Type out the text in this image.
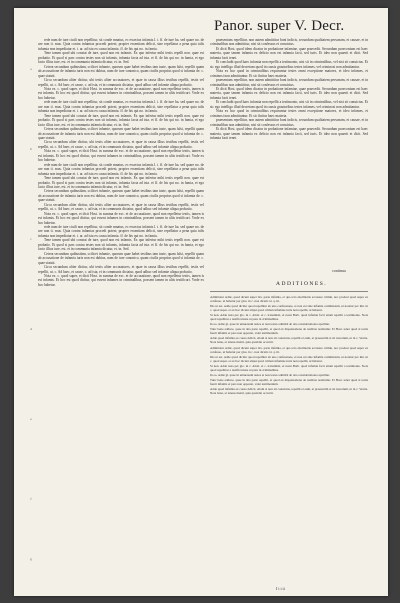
Panor. super V. Decr.

rede nam de iure ciuili non repellitur, sit conde mnatus, ec essectus infamis.l. i. ff. de iure ha. sed quare no. de ure non ti. mus. Quia contra infamias procedi potest; propter essentiam delicti, sine repellatur a pena quia talis infamia non impediatur et. i. ar. ad ista ex causa infamia. ff. de his qui no. in famia.

Tene tamen quod ubi constat de iure, quod non est infamis. Ex quo infertur mihi testis repelli non. quae est probatio. Et quod si pars contra testes non sit infamis, infamia facta ad ista. et ff. de his qui no. in famia, et ego facio illius iure, est. et in communia infamia dicatur, et. in. Sed.

Cetera secundum quibusdam, scilicet infamie, quorum quae habet testibus tam iuste, quam falsi, repellit quam ab accusatione de infamia iuris non est dubius, nam de iure canonico, quam ciuilis proprius quod si infamia de. c. quae statuit.

Circa secundum aliter dicitur, ubi testis aliter accusatores, et quae in causa illius testibus repellit, testis vel repellit, ut. c. Ad haec, et cause, c. ad ista, et in communis dictatur, quod adhuc sed infamie aliqua probatio.

Nota ex. c. quod super, et dicit Host. in summa de exc. et de accusatione, quod non repelletur testis, tamen is est infamis. Et hoc est quod dicitur, qui essent infames in criminalibus, possent tamen in aliis testificari. Vnde ex hoc habetur.

rede nam de iure ciuili non repellitur, sit conde mnatus, ec essectus infamis.l. i. ff. de iure ha. sed quare no. de ure non ti. mus. Quia contra infamias procedi potest; propter essentiam delicti, sine repellatur a pena quia talis infamia non impediatur et. i. ar. ad ista ex causa infamia. ff. de his qui no. in famia.

Tene tamen quod ubi constat de iure, quod non est infamis. Ex quo infertur mihi testis repelli non. quae est probatio. Et quod si pars contra testes non sit infamis, infamia facta ad ista. et ff. de his qui no. in famia, et ego facio illius iure, est. et in communia infamia dicatur, et. in. Sed.

Cetera secundum quibusdam, scilicet infamie, quorum quae habet testibus tam iuste, quam falsi, repellit quam ab accusatione de infamia iuris non est dubius, nam de iure canonico, quam ciuilis proprius quod si infamia de. c. quae statuit.

Circa secundum aliter dicitur, ubi testis aliter accusatores, et quae in causa illius testibus repellit, testis vel repellit, ut. c. Ad haec, et cause, c. ad ista, et in communis dictatur, quod adhuc sed infamie aliqua probatio.

Nota ex. c. quod super, et dicit Host. in summa de exc. et de accusatione, quod non repelletur testis, tamen is est infamis. Et hoc est quod dicitur, qui essent infames in criminalibus, possent tamen in aliis testificari. Vnde ex hoc habetur.

rede nam de iure ciuili non repellitur, sit conde mnatus, ec essectus infamis.l. i. ff. de iure ha. sed quare no. de ure non ti. mus. Quia contra infamias procedi potest; propter essentiam delicti, sine repellatur a pena quia talis infamia non impediatur et. i. ar. ad ista ex causa infamia. ff. de his qui no. in famia.

Tene tamen quod ubi constat de iure, quod non est infamis. Ex quo infertur mihi testis repelli non. quae est probatio. Et quod si pars contra testes non sit infamis, infamia facta ad ista. et ff. de his qui no. in famia, et ego facio illius iure, est. et in communia infamia dicatur, et. in. Sed.

Cetera secundum quibusdam, scilicet infamie, quorum quae habet testibus tam iuste, quam falsi, repellit quam ab accusatione de infamia iuris non est dubius, nam de iure canonico, quam ciuilis proprius quod si infamia de. c. quae statuit.

Circa secundum aliter dicitur, ubi testis aliter accusatores, et quae in causa illius testibus repellit, testis vel repellit, ut. c. Ad haec, et cause, c. ad ista, et in communis dictatur, quod adhuc sed infamie aliqua probatio.

Nota ex. c. quod super, et dicit Host. in summa de exc. et de accusatione, quod non repelletur testis, tamen is est infamis. Et hoc est quod dicitur, qui essent infames in criminalibus, possent tamen in aliis testificari. Vnde ex hoc habetur.

rede nam de iure ciuili non repellitur, sit conde mnatus, ec essectus infamis.l. i. ff. de iure ha. sed quare no. de ure non ti. mus. Quia contra infamias procedi potest; propter essentiam delicti, sine repellatur a pena quia talis infamia non impediatur et. i. ar. ad ista ex causa infamia. ff. de his qui no. in famia.

Tene tamen quod ubi constat de iure, quod non est infamis. Ex quo infertur mihi testis repelli non. quae est probatio. Et quod si pars contra testes non sit infamis, infamia facta ad ista. et ff. de his qui no. in famia, et ego facio illius iure, est. et in communia infamia dicatur, et. in. Sed.

Cetera secundum quibusdam, scilicet infamie, quorum quae habet testibus tam iuste, quam falsi, repellit quam ab accusatione de infamia iuris non est dubius, nam de iure canonico, quam ciuilis proprius quod si infamia de. c. quae statuit.

Circa secundum aliter dicitur, ubi testis aliter accusatores, et quae in causa illius testibus repellit, testis vel repellit, ut. c. Ad haec, et cause, c. ad ista, et in communis dictatur, quod adhuc sed infamie aliqua probatio.

Nota ex. c. quod super, et dicit Host. in summa de exc. et de accusatione, quod non repelletur testis, tamen is est infamis. Et hoc est quod dicitur, qui essent infames in criminalibus, possent tamen in aliis testificari. Vnde ex hoc habetur.

praesentans repellitur, non autem admittitur boni indicis, secundum qualitatem personam, et causae, et in criminalibus non admittitur, nisi sit confessus et conuictus.

Et dicit Host. quod idem dicatur in probatione infamiae, quae praecedit. Secundum praeconium est haec materia, quae tamen infamia ex delicto non est infamia facti, sed iuris. Et ideo non quaerit et dicit. Sed infamia facti tenet.

Et concludit quod haec infamia non repellit a testimonio, nisi sit in criminalibus, vel nisi sit conuictus. Et sic ego intelligo illud decretum quod in causis grauioribus testes infames, vel criminosi non admittantur.

Nota ex hoc quod in criminalibus requiruntur testes omni exceptione maiores, et ideo infames, et criminosi non admittuntur. Et sic finitur haec materia.

praesentans repellitur, non autem admittitur boni indicis, secundum qualitatem personam, et causae, et in criminalibus non admittitur, nisi sit confessus et conuictus.

Et dicit Host. quod idem dicatur in probatione infamiae, quae praecedit. Secundum praeconium est haec materia, quae tamen infamia ex delicto non est infamia facti, sed iuris. Et ideo non quaerit et dicit. Sed infamia facti tenet.

Et concludit quod haec infamia non repellit a testimonio, nisi sit in criminalibus, vel nisi sit conuictus. Et sic ego intelligo illud decretum quod in causis grauioribus testes infames, vel criminosi non admittantur.

Nota ex hoc quod in criminalibus requiruntur testes omni exceptione maiores, et ideo infames, et criminosi non admittuntur. Et sic finitur haec materia.

praesentans repellitur, non autem admittitur boni indicis, secundum qualitatem personam, et causae, et in criminalibus non admittitur, nisi sit confessus et conuictus.

Et dicit Host. quod idem dicatur in probatione infamiae, quae praecedit. Secundum praeconium est haec materia, quae tamen infamia ex delicto non est infamia facti, sed iuris. Et ideo non quaerit et dicit. Sed infamia facti tenet.

continua
ADDITIONES.

Admittatur Adde, quod dicunt super lxx. parte infamia, et qua scia abolitionis accusare crimin, nec prodest quod super ex confesso, ut habetur per glos. in c. non dicatis xi. q. iii.

Dis ut est. Adde quod dicitur quod repellitur ab uno confessione, et non est sine infamia commissum, ut notatur per Inn. in c. quod super. et ex hoc dicunt aliqui quod crimen infamiae iuris non repellit, ut habetur.

Si non. Adde nota per glo. in c. Absit. et c. transmisit, et notat Barb. quod infamia facti etiam repellit a testimonio. Nota quod repellitur a testificatione ut pure in criminalibus.

In eo. Adde gl. quae in uniuersum testes et non testes admittit ab ista consideratione repellitur.

Tunc bene adduce, quae in alia parte repellit, et quod ex dispensatione de testibus restituitur. Et Host. tenet quod si testis fuerit infamis et pars non opponat, valet testimonium.

Adde quod infamia ex causa delicti, etiam si non sit conuictus, repellit et eum, et praesertim si sit notorium, ut in c. Vestra. Nota bene, et teneas menti, quia quotidie occurrit.

Admittatur Adde, quod dicunt super lxx. parte infamia, et qua scia abolitionis accusare crimin, nec prodest quod super ex confesso, ut habetur per glos. in c. non dicatis xi. q. iii.

Dis ut est. Adde quod dicitur quod repellitur ab uno confessione, et non est sine infamia commissum, ut notatur per Inn. in c. quod super. et ex hoc dicunt aliqui quod crimen infamiae iuris non repellit, ut habetur.

Si non. Adde nota per glo. in c. Absit. et c. transmisit, et notat Barb. quod infamia facti etiam repellit a testimonio. Nota quod repellitur a testificatione ut pure in criminalibus.

In eo. Adde gl. quae in uniuersum testes et non testes admittit ab ista consideratione repellitur.

Tunc bene adduce, quae in alia parte repellit, et quod ex dispensatione de testibus restituitur. Et Host. tenet quod si testis fuerit infamis et pars non opponat, valet testimonium.

Adde quod infamia ex causa delicti, etiam si non sit conuictus, repellit et eum, et praesertim si sit notorium, ut in c. Vestra. Nota bene, et teneas menti, quia quotidie occurrit.

a
b
c
d
e
f
g
I i i ii
